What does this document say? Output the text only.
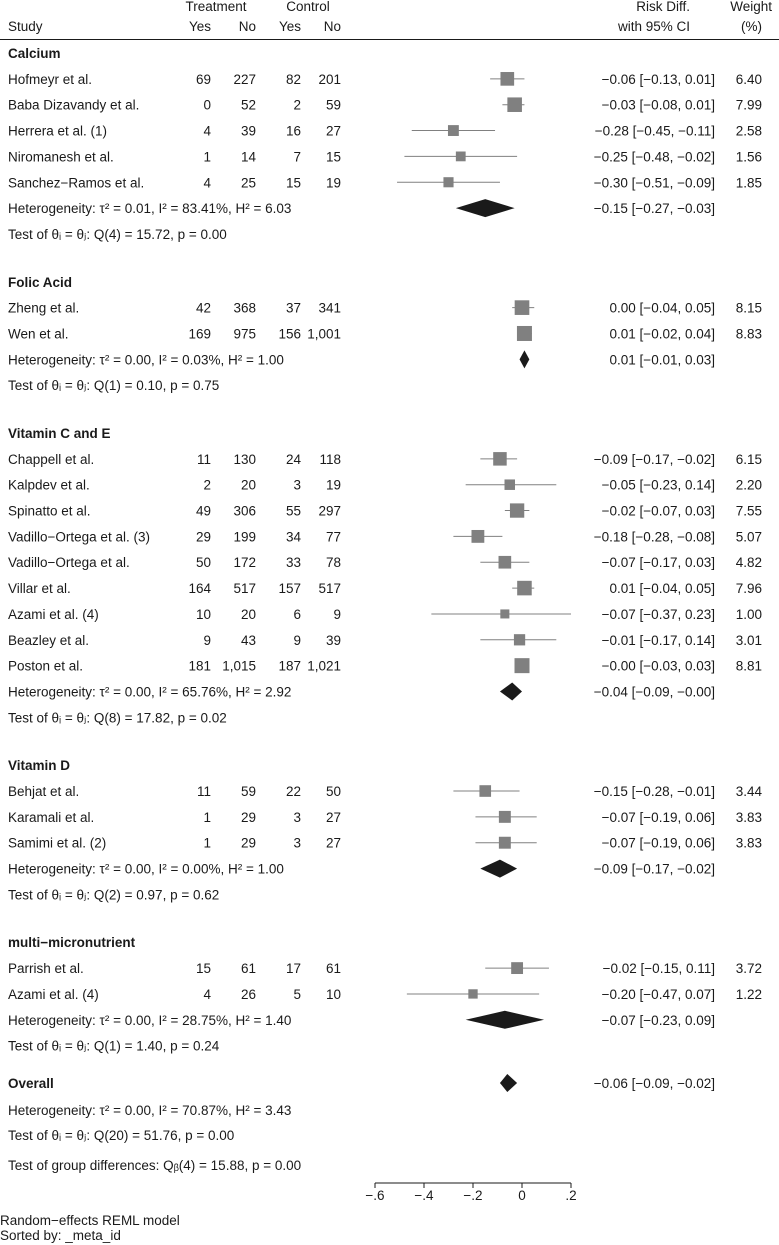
Treatment	Control
Study	Yes No Yes No
Risk Diff.
with 95% CI
Weight
(%)
Calcium
Hofmeyr et al.	69 227 82 201	−0.06 [−0.13, 0.01] 6.40
Baba Dizavandy et al.	0 52	2 59	−0.03 [−0.08, 0.01] 7.99
Herrera et al. (1)	4 39 16 27	−0.28 [−0.45, −0.11] 2.58
Niromanesh et al.	1 14	7 15	−0.25 [−0.48, −0.02] 1.56
Sanchez−Ramos et al.	4 25 15 19	−0.30 [−0.51, −0.09] 1.85
Heterogeneity: τ² = 0.01, I² = 83.41%, H² = 6.03	−0.15 [−0.27, −0.03]
Test of θᵢ = θⱼ: Q(4) = 15.72, p = 0.00
Folic Acid
Zheng et al.	42 368 37 341	0.00 [−0.04, 0.05] 8.15
Wen et al.	169 975 156 1,001	0.01 [−0.02, 0.04] 8.83
Heterogeneity: τ² = 0.00, I² = 0.03%, H² = 1.00	0.01 [−0.01, 0.03]
Test of θᵢ = θⱼ: Q(1) = 0.10, p = 0.75
Vitamin C and E
Chappell et al.	11 130 24 118	−0.09 [−0.17, −0.02] 6.15
Kalpdev et al.	2 20	3 19	−0.05 [−0.23, 0.14] 2.20
Spinatto et al.	49 306 55 297	−0.02 [−0.07, 0.03] 7.55
Vadillo−Ortega et al. (3)	29 199 34 77	−0.18 [−0.28, −0.08] 5.07
Vadillo−Ortega et al.	50 172 33 78	−0.07 [−0.17, 0.03] 4.82
Villar et al.	164 517 157 517	0.01 [−0.04, 0.05] 7.96
Azami et al. (4)	10 20	6 9	−0.07 [−0.37, 0.23] 1.00
Beazley et al.	9 43	9 39	−0.01 [−0.17, 0.14] 3.01
Poston et al.	181 1,015 187 1,021	−0.00 [−0.03, 0.03] 8.81
Heterogeneity: τ² = 0.00, I² = 65.76%, H² = 2.92	−0.04 [−0.09, −0.00]
Test of θᵢ = θⱼ: Q(8) = 17.82, p = 0.02
Vitamin D
Behjat et al.	11 59 22 50	−0.15 [−0.28, −0.01] 3.44
Karamali et al.	1 29	3 27	−0.07 [−0.19, 0.06] 3.83
Samimi et al. (2)	1 29	3 27	−0.07 [−0.19, 0.06] 3.83
Heterogeneity: τ² = 0.00, I² = 0.00%, H² = 1.00	−0.09 [−0.17, −0.02]
Test of θᵢ = θⱼ: Q(2) = 0.97, p = 0.62
multi−micronutrient
Parrish et al.	15 61 17 61	−0.02 [−0.15, 0.11] 3.72
Azami et al. (4)	4 26	5 10	−0.20 [−0.47, 0.07] 1.22
Heterogeneity: τ² = 0.00, I² = 28.75%, H² = 1.40	−0.07 [−0.23, 0.09]
Test of θᵢ = θⱼ: Q(1) = 1.40, p = 0.24
Overall	−0.06 [−0.09, −0.02]
Heterogeneity: τ² = 0.00, I² = 70.87%, H² = 3.43
Test of θᵢ = θⱼ: Q(20) = 51.76, p = 0.00
Test of group differences: Qᵦ(4) = 15.88, p = 0.00
−.6 −.4 −.2	0	.2
Random−effects REML model
Sorted by: _meta_id
